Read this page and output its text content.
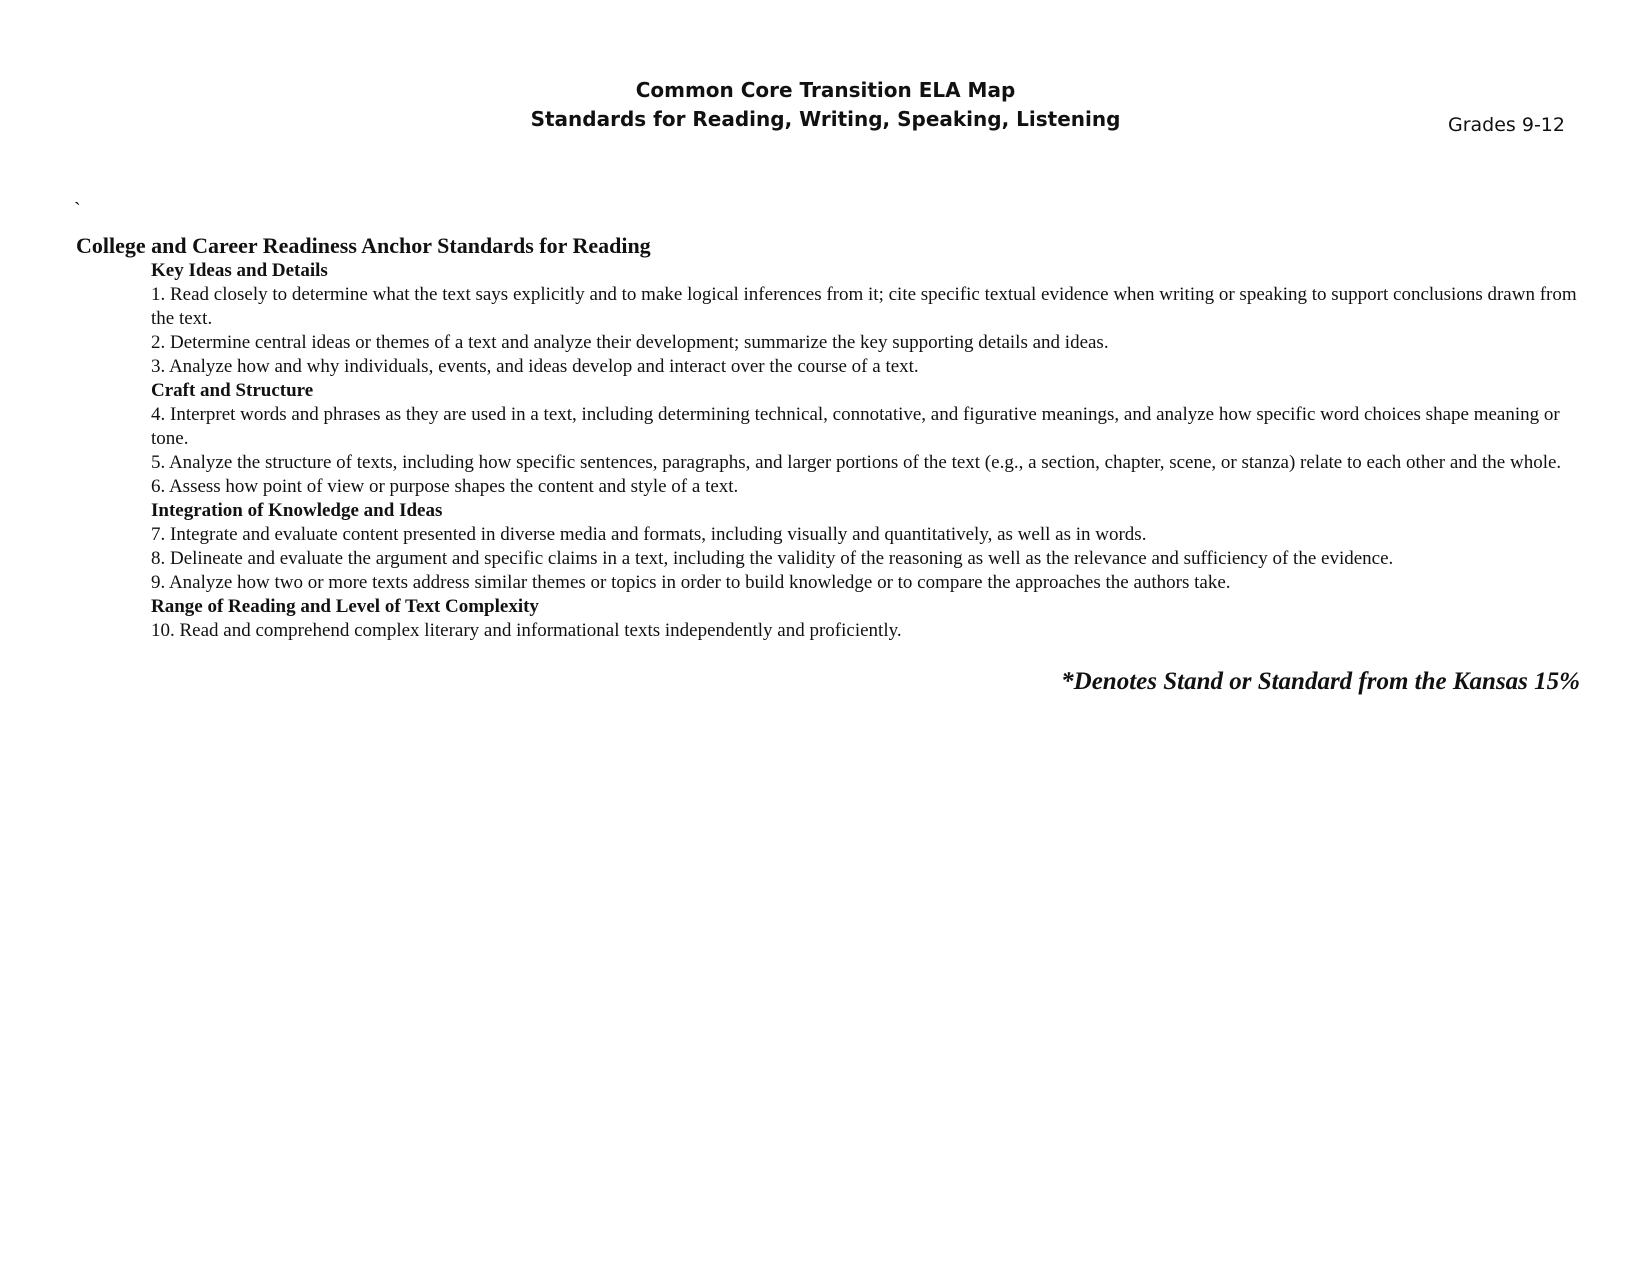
Common Core Transition ELA Map
Standards for Reading, Writing, Speaking, Listening	Grades 9-12
`
College and Career Readiness Anchor Standards for Reading
Key Ideas and Details

1. Read closely to determine what the text says explicitly and to make logical inferences from it; cite specific textual evidence when writing or speaking to support conclusions drawn from the text.

2. Determine central ideas or themes of a text and analyze their development; summarize the key supporting details and ideas.

3. Analyze how and why individuals, events, and ideas develop and interact over the course of a text.

Craft and Structure

4. Interpret words and phrases as they are used in a text, including determining technical, connotative, and figurative meanings, and analyze how specific word choices shape meaning or tone.

5. Analyze the structure of texts, including how specific sentences, paragraphs, and larger portions of the text (e.g., a section, chapter, scene, or stanza) relate to each other and the whole.

6. Assess how point of view or purpose shapes the content and style of a text.

Integration of Knowledge and Ideas

7. Integrate and evaluate content presented in diverse media and formats, including visually and quantitatively, as well as in words.

8. Delineate and evaluate the argument and specific claims in a text, including the validity of the reasoning as well as the relevance and sufficiency of the evidence.

9. Analyze how two or more texts address similar themes or topics in order to build knowledge or to compare the approaches the authors take.

Range of Reading and Level of Text Complexity

10. Read and comprehend complex literary and informational texts independently and proficiently.

*Denotes Stand or Standard from the Kansas 15%
